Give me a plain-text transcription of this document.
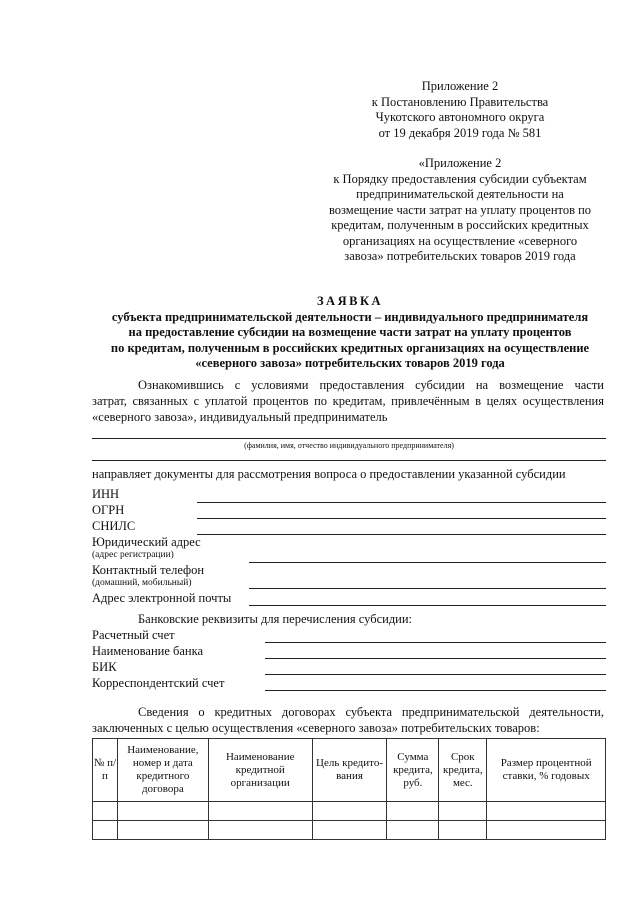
Приложение 2
к Постановлению Правительства
Чукотского автономного округа
от 19 декабря 2019 года № 581
«Приложение 2
к Порядку предоставления субсидии субъектам
предпринимательской деятельности на
возмещение части затрат на уплату процентов по
кредитам, полученным в российских кредитных
организациях на осуществление «северного
завоза» потребительских товаров 2019 года
ЗАЯВКА
субъекта предпринимательской деятельности – индивидуального предпринимателя
на предоставление субсидии на возмещение части затрат на уплату процентов
по кредитам, полученным в российских кредитных организациях на осуществление
«северного завоза» потребительских товаров 2019 года
Ознакомившись с условиями предоставления субсидии на возмещение части
затрат, связанных с уплатой процентов по кредитам, привлечённым в целях осуществления
«северного завоза», индивидуальный предприниматель
(фамилия, имя, отчество индивидуального предпринимателя)
направляет документы для рассмотрения вопроса о предоставлении указанной субсидии
ИНН
ОГРН
СНИЛС
Юридический адрес
(адрес регистрации)
Контактный телефон
(домашний, мобильный)
Адрес электронной почты
Банковские реквизиты для перечисления субсидии:
Расчетный счет
Наименование банка
БИК
Корреспондентский счет
Сведения о кредитных договорах субъекта предпринимательской деятельности,
заключенных с целью осуществления «северного завоза» потребительских товаров:
№ п/п	Наименование, номер и дата кредитного договора	Наименование кредитной организации	Цель кредито-вания	Сумма кредита, руб.	Срок кредита, мес.	Размер процентной ставки, % годовых
